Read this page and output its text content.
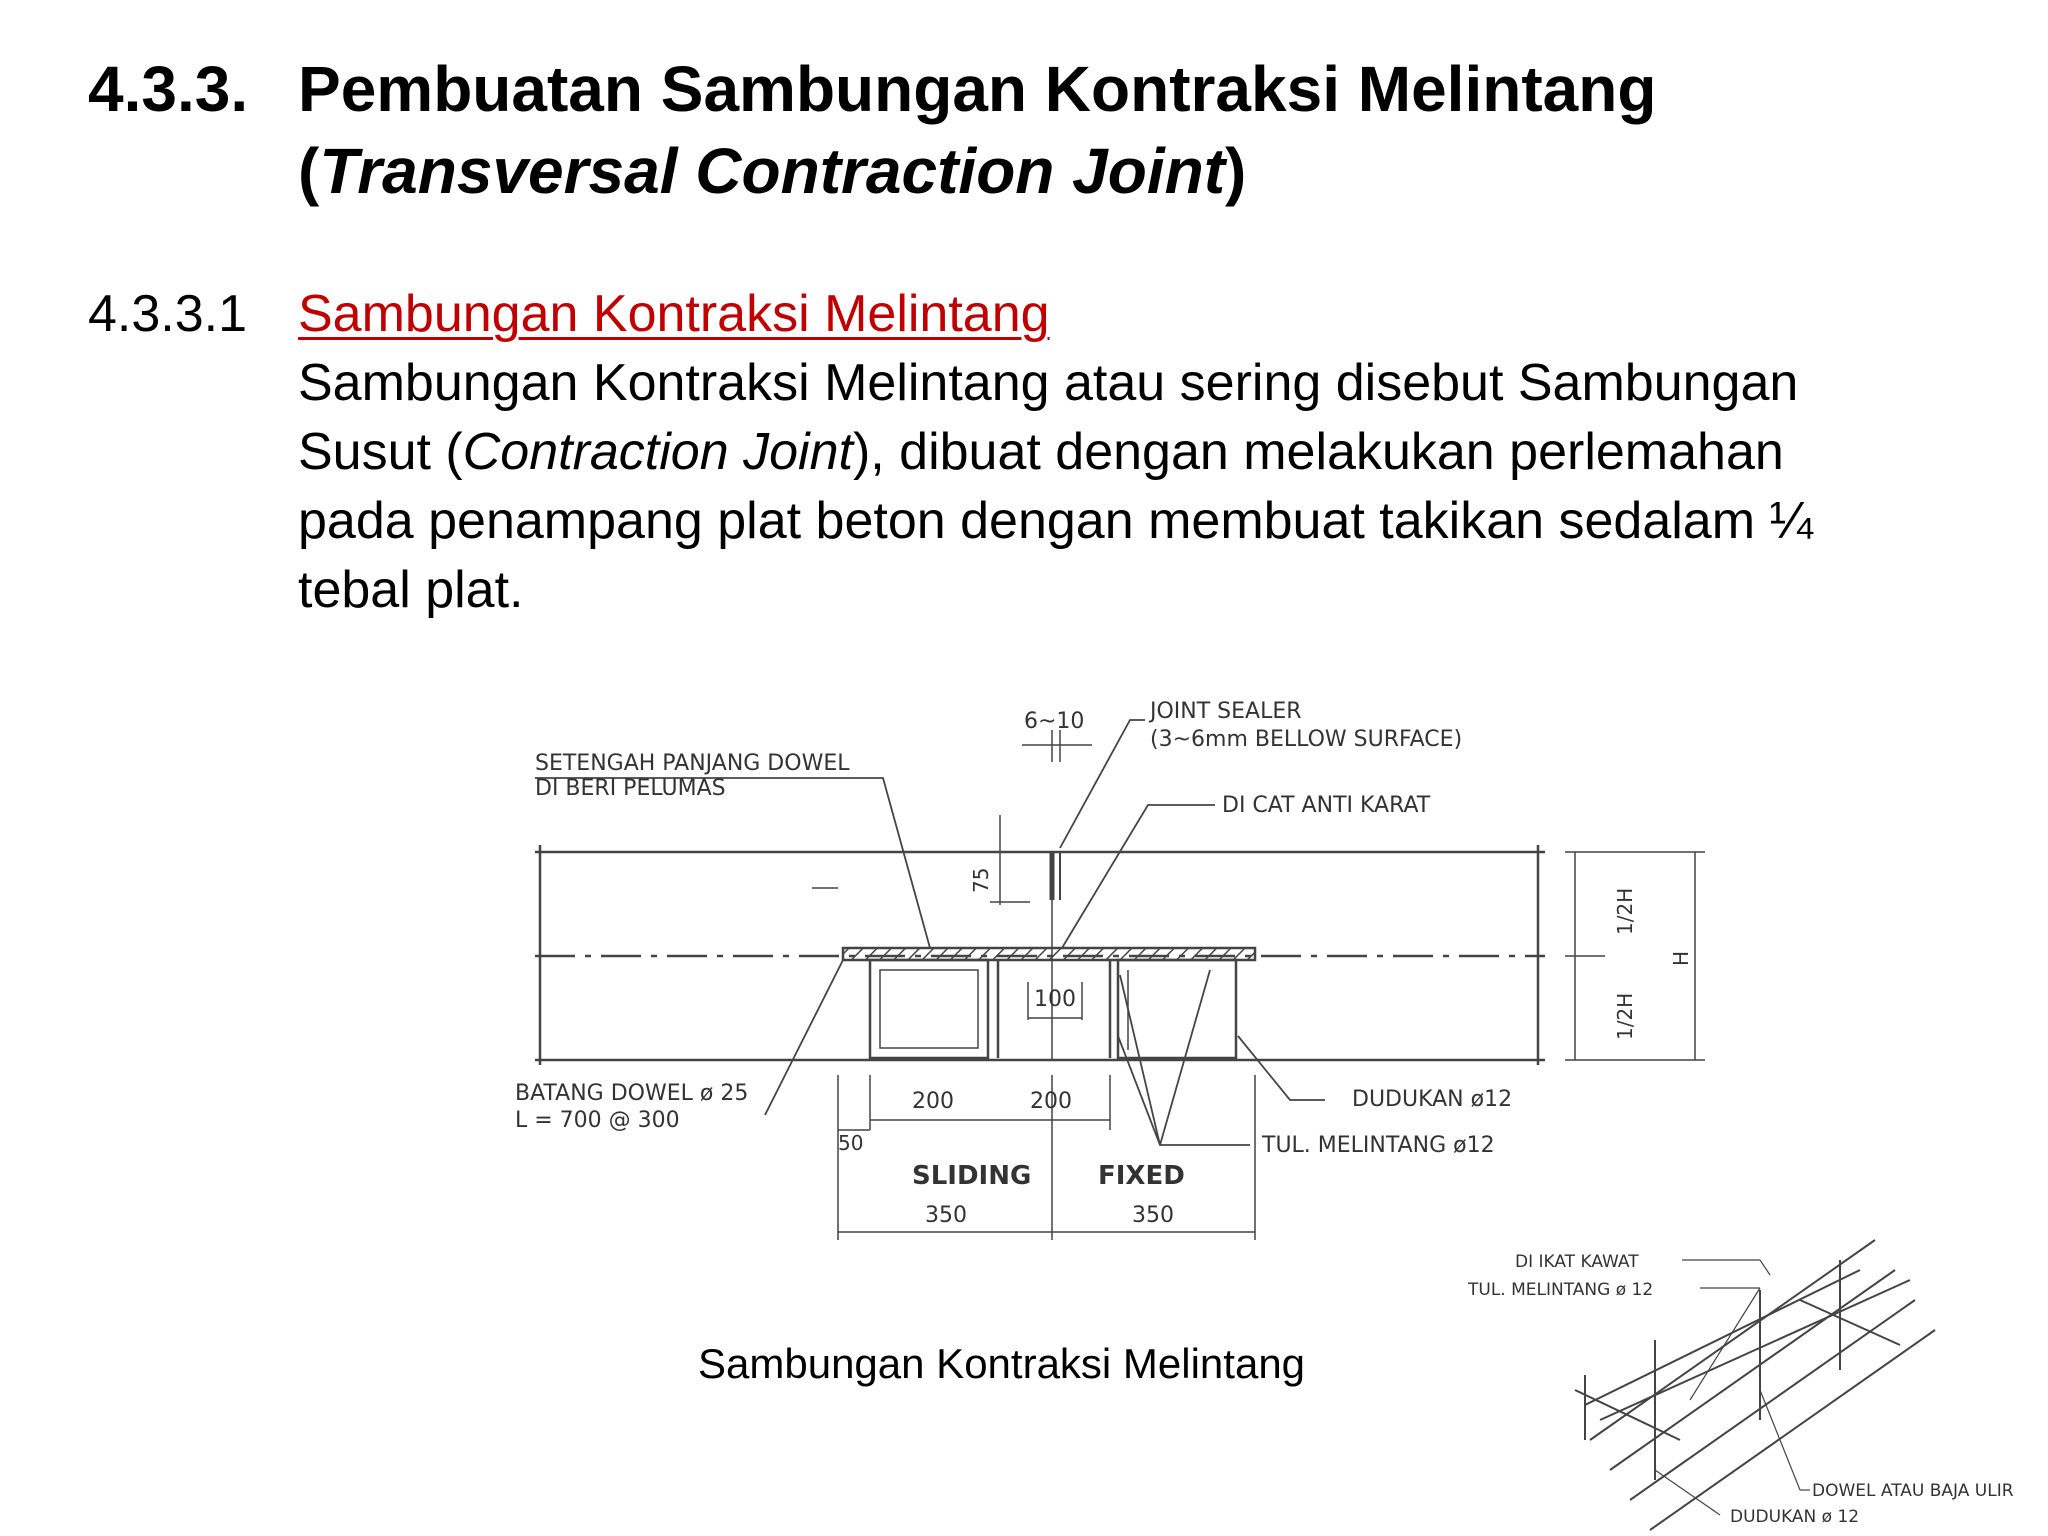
4.3.3. Pembuatan Sambungan Kontraksi Melintang
(Transversal Contraction Joint)
4.3.3.1 Sambungan Kontraksi Melintang
Sambungan Kontraksi Melintang atau sering disebut Sambungan
Susut (Contraction Joint), dibuat dengan melakukan perlemahan
pada penampang plat beton dengan membuat takikan sedalam ¼
tebal plat.
SETENGAH PANJANG DOWEL
DI BERI PELUMAS
6~10	JOINT SEALER
(3~6mm BELLOW SURFACE)
DI CAT ANTI KARAT
75
100
1/2H
1/2H
H
BATANG DOWEL ø 25
L = 700 @ 300
200	200
50
DUDUKAN ø12
TUL. MELINTANG ø12
SLIDING	FIXED
350	350
DI IKAT KAWAT
TUL. MELINTANG ø 12
DOWEL ATAU BAJA ULIR
DUDUKAN ø 12
Sambungan Kontraksi Melintang
